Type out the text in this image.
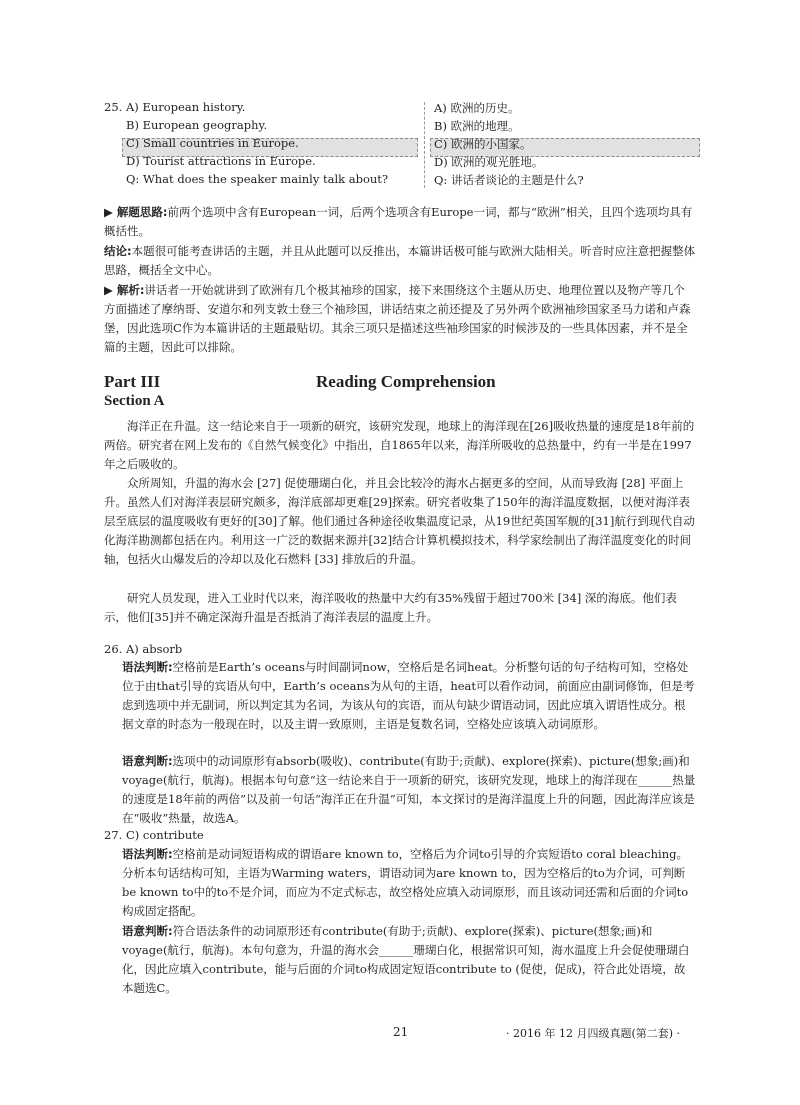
25. A) European history.	A) 欧洲的历史。
B) European geography.	B) 欧洲的地理。
C) Small countries in Europe.	C) 欧洲的小国家。
D) Tourist attractions in Europe.	D) 欧洲的观光胜地。
Q: What does the speaker mainly talk about?	Q: 讲话者谈论的主题是什么?
▶ 解题思路:前两个选项中含有European一词，后两个选项含有Europe一词，都与“欧洲”相关，且四个选项均具有概括性。
结论:本题很可能考查讲话的主题，并且从此题可以反推出，本篇讲话极可能与欧洲大陆相关。听音时应注意把握整体思路，概括全文中心。
▶ 解析:讲话者一开始就讲到了欧洲有几个极其袖珍的国家，接下来围绕这个主题从历史、地理位置以及物产等几个方面描述了摩纳哥、安道尔和列支敦士登三个袖珍国，讲话结束之前还提及了另外两个欧洲袖珍国家圣马力诺和卢森堡，因此选项C作为本篇讲话的主题最贴切。其余三项只是描述这些袖珍国家的时候涉及的一些具体因素，并不是全篇的主题，因此可以排除。
Part III	Reading Comprehension
Section A
海洋正在升温。这一结论来自于一项新的研究，该研究发现，地球上的海洋现在[26]吸收热量的速度是18年前的两倍。研究者在网上发布的《自然气候变化》中指出，自1865年以来，海洋所吸收的总热量中，约有一半是在1997年之后吸收的。
众所周知，升温的海水会 [27] 促使珊瑚白化，并且会比较冷的海水占据更多的空间，从而导致海 [28] 平面上升。虽然人们对海洋表层研究颇多，海洋底部却更难[29]探索。研究者收集了150年的海洋温度数据，以便对海洋表层至底层的温度吸收有更好的[30]了解。他们通过各种途径收集温度记录，从19世纪英国军舰的[31]航行到现代自动化海洋勘测都包括在内。利用这一广泛的数据来源并[32]结合计算机模拟技术，科学家绘制出了海洋温度变化的时间轴，包括火山爆发后的冷却以及化石燃料 [33] 排放后的升温。
研究人员发现，进入工业时代以来，海洋吸收的热量中大约有35%残留于超过700米 [34] 深的海底。他们表示，他们[35]并不确定深海升温是否抵消了海洋表层的温度上升。
26. A) absorb
语法判断:空格前是Earth’s oceans与时间副词now，空格后是名词heat。分析整句话的句子结构可知，空格处位于由that引导的宾语从句中，Earth’s oceans为从句的主语，heat可以看作动词，前面应由副词修饰，但是考虑到选项中并无副词，所以判定其为名词，为该从句的宾语，而从句缺少谓语动词，因此应填入谓语性成分。根据文章的时态为一般现在时，以及主谓一致原则，主语是复数名词，空格处应该填入动词原形。
语意判断:选项中的动词原形有absorb(吸收)、contribute(有助于;贡献)、explore(探索)、picture(想象;画)和voyage(航行，航海)。根据本句句意“这一结论来自于一项新的研究，该研究发现，地球上的海洋现在______热量的速度是18年前的两倍”以及前一句话“海洋正在升温”可知，本文探讨的是海洋温度上升的问题，因此海洋应该是在“吸收”热量，故选A。
27. C) contribute
语法判断:空格前是动词短语构成的谓语are known to，空格后为介词to引导的介宾短语to coral bleaching。分析本句话结构可知，主语为Warming waters，谓语动词为are known to，因为空格后的to为介词，可判断be known to中的to不是介词，而应为不定式标志，故空格处应填入动词原形，而且该动词还需和后面的介词to构成固定搭配。
语意判断:符合语法条件的动词原形还有contribute(有助于;贡献)、explore(探索)、picture(想象;画)和voyage(航行，航海)。本句句意为，升温的海水会______珊瑚白化，根据常识可知，海水温度上升会促使珊瑚白化，因此应填入contribute，能与后面的介词to构成固定短语contribute to (促使，促成)，符合此处语境，故本题选C。
21	· 2016 年 12 月四级真题(第二套) ·
